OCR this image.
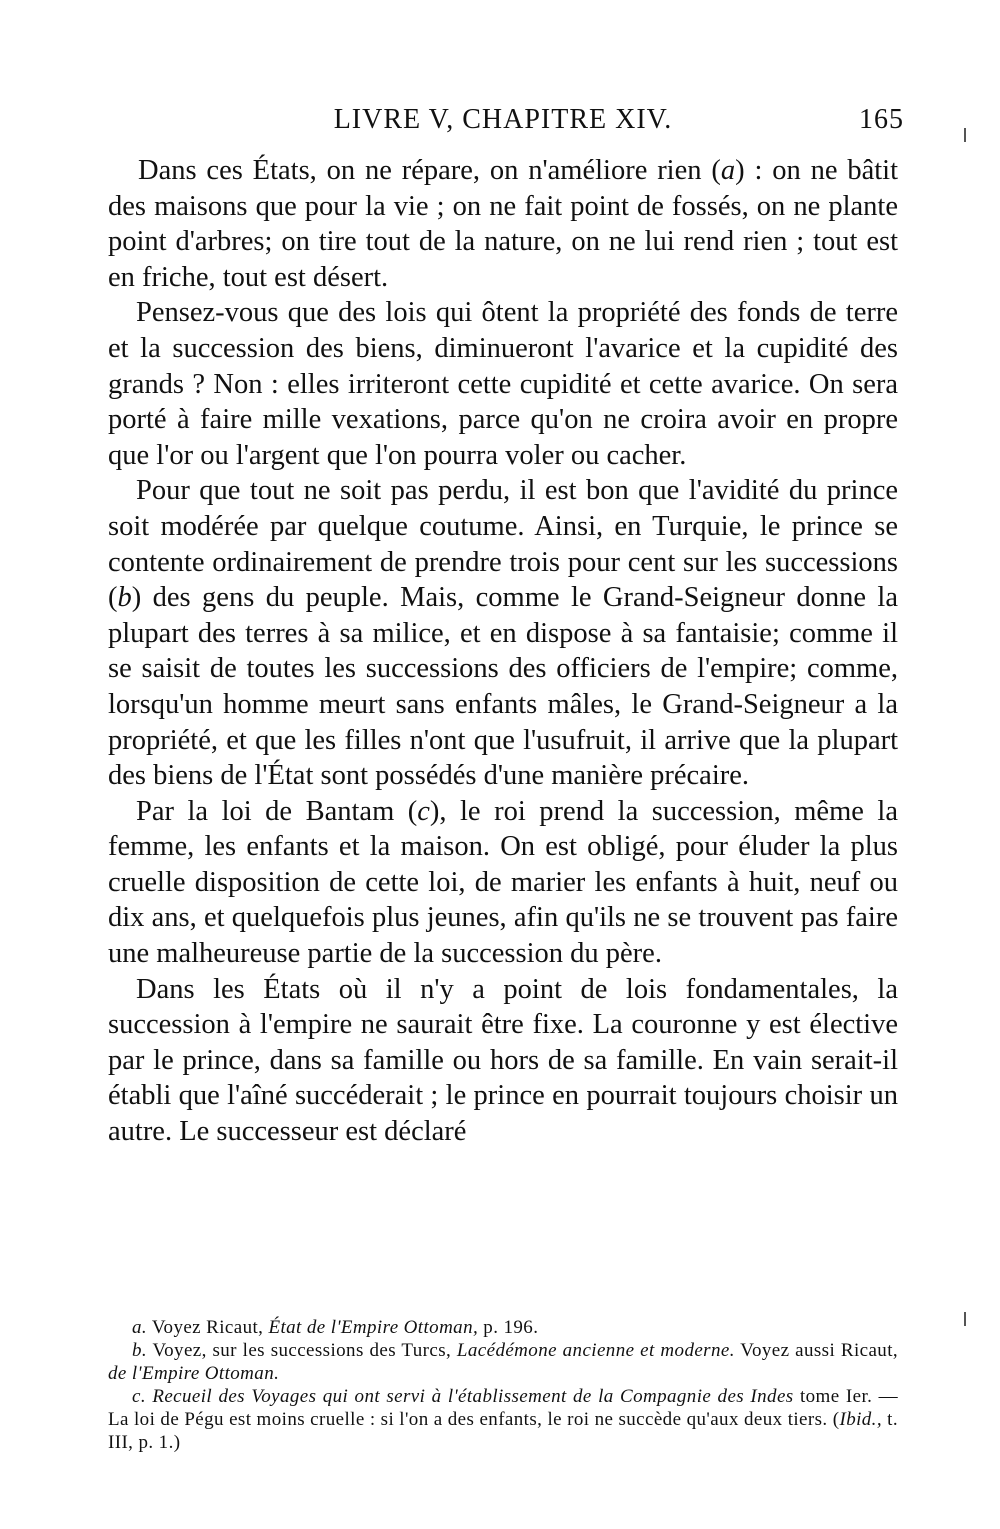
LIVRE V, CHAPITRE XIV.	165

Dans ces États, on ne répare, on n'améliore rien (a) : on ne bâtit des maisons que pour la vie ; on ne fait point de fossés, on ne plante point d'arbres; on tire tout de la nature, on ne lui rend rien ; tout est en friche, tout est désert.

Pensez-vous que des lois qui ôtent la propriété des fonds de terre et la succession des biens, diminueront l'avarice et la cupidité des grands ? Non : elles irriteront cette cupidité et cette avarice. On sera porté à faire mille vexations, parce qu'on ne croira avoir en propre que l'or ou l'argent que l'on pourra voler ou cacher.

Pour que tout ne soit pas perdu, il est bon que l'avidité du prince soit modérée par quelque coutume. Ainsi, en Turquie, le prince se contente ordinairement de prendre trois pour cent sur les successions (b) des gens du peuple. Mais, comme le Grand-Seigneur donne la plupart des terres à sa milice, et en dispose à sa fantaisie; comme il se saisit de toutes les successions des officiers de l'empire; comme, lorsqu'un homme meurt sans enfants mâles, le Grand-Seigneur a la propriété, et que les filles n'ont que l'usufruit, il arrive que la plupart des biens de l'État sont possédés d'une manière précaire.

Par la loi de Bantam (c), le roi prend la succession, même la femme, les enfants et la maison. On est obligé, pour éluder la plus cruelle disposition de cette loi, de marier les enfants à huit, neuf ou dix ans, et quelquefois plus jeunes, afin qu'ils ne se trouvent pas faire une malheureuse partie de la succession du père.

Dans les États où il n'y a point de lois fondamentales, la succession à l'empire ne saurait être fixe. La couronne y est élective par le prince, dans sa famille ou hors de sa famille. En vain serait-il établi que l'aîné succéderait ; le prince en pourrait toujours choisir un autre. Le successeur est déclaré

a. Voyez Ricaut, État de l'Empire Ottoman, p. 196.

b. Voyez, sur les successions des Turcs, Lacédémone ancienne et moderne. Voyez aussi Ricaut, de l'Empire Ottoman.

c. Recueil des Voyages qui ont servi à l'établissement de la Compagnie des Indes tome Ier. — La loi de Pégu est moins cruelle : si l'on a des enfants, le roi ne succède qu'aux deux tiers. (Ibid., t. III, p. 1.)
